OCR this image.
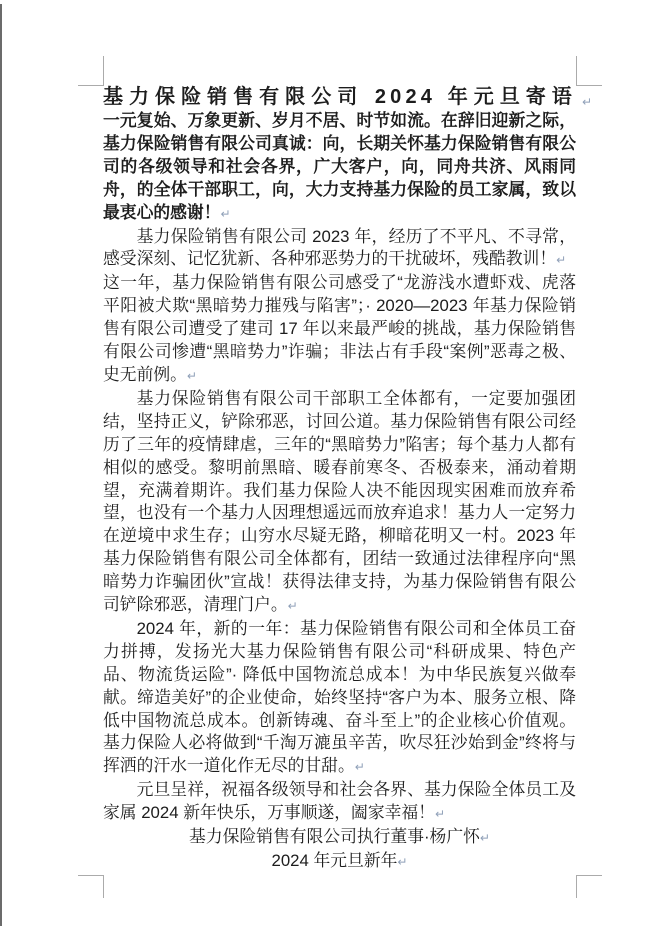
基力保险销售有限公司 2024 年元旦寄语 ↵

一元复始、万象更新、岁月不居、时节如流。在辞旧迎新之际，基力保险销售有限公司真诚：向，长期关怀基力保险销售有限公司的各级领导和社会各界，广大客户，向，同舟共济、风雨同舟，的全体干部职工，向，大力支持基力保险的员工家属，致以最衷心的感谢！↵

基力保险销售有限公司 2023 年，经历了不平凡、不寻常，感受深刻、记忆犹新、各种邪恶势力的干扰破坏，残酷教训！↵

这一年，基力保险销售有限公司感受了“龙游浅水遭虾戏、虎落平阳被犬欺“黑暗势力摧残与陷害”；· 2020—2023 年基力保险销售有限公司遭受了建司 17 年以来最严峻的挑战，基力保险销售有限公司惨遭“黑暗势力”诈骗；非法占有手段“案例”恶毒之极、史无前例。↵

基力保险销售有限公司干部职工全体都有，一定要加强团结，坚持正义，铲除邪恶，讨回公道。基力保险销售有限公司经历了三年的疫情肆虐，三年的“黑暗势力”陷害；每个基力人都有相似的感受。黎明前黑暗、暖春前寒冬、否极泰来，涌动着期望，充满着期许。我们基力保险人决不能因现实困难而放弃希望，也没有一个基力人因理想遥远而放弃追求！基力人一定努力在逆境中求生存；山穷水尽疑无路，柳暗花明又一村。2023 年基力保险销售有限公司全体都有，团结一致通过法律程序向“黑暗势力诈骗团伙”宣战！获得法律支持，为基力保险销售有限公司铲除邪恶，清理门户。↵

2024 年，新的一年：基力保险销售有限公司和全体员工奋力拼搏，发扬光大基力保险销售有限公司“科研成果、特色产品、物流货运险”· 降低中国物流总成本！为中华民族复兴做奉献。缔造美好”的企业使命，始终坚持“客户为本、服务立根、降低中国物流总成本。创新铸魂、奋斗至上”的企业核心价值观。基力保险人必将做到“千淘万漉虽辛苦，吹尽狂沙始到金”终将与挥洒的汗水一道化作无尽的甘甜。↵

元旦呈祥，祝福各级领导和社会各界、基力保险全体员工及家属 2024 新年快乐，万事顺遂，阖家幸福！↵

基力保险销售有限公司执行董事·杨广怀↵

2024 年元旦新年↵
